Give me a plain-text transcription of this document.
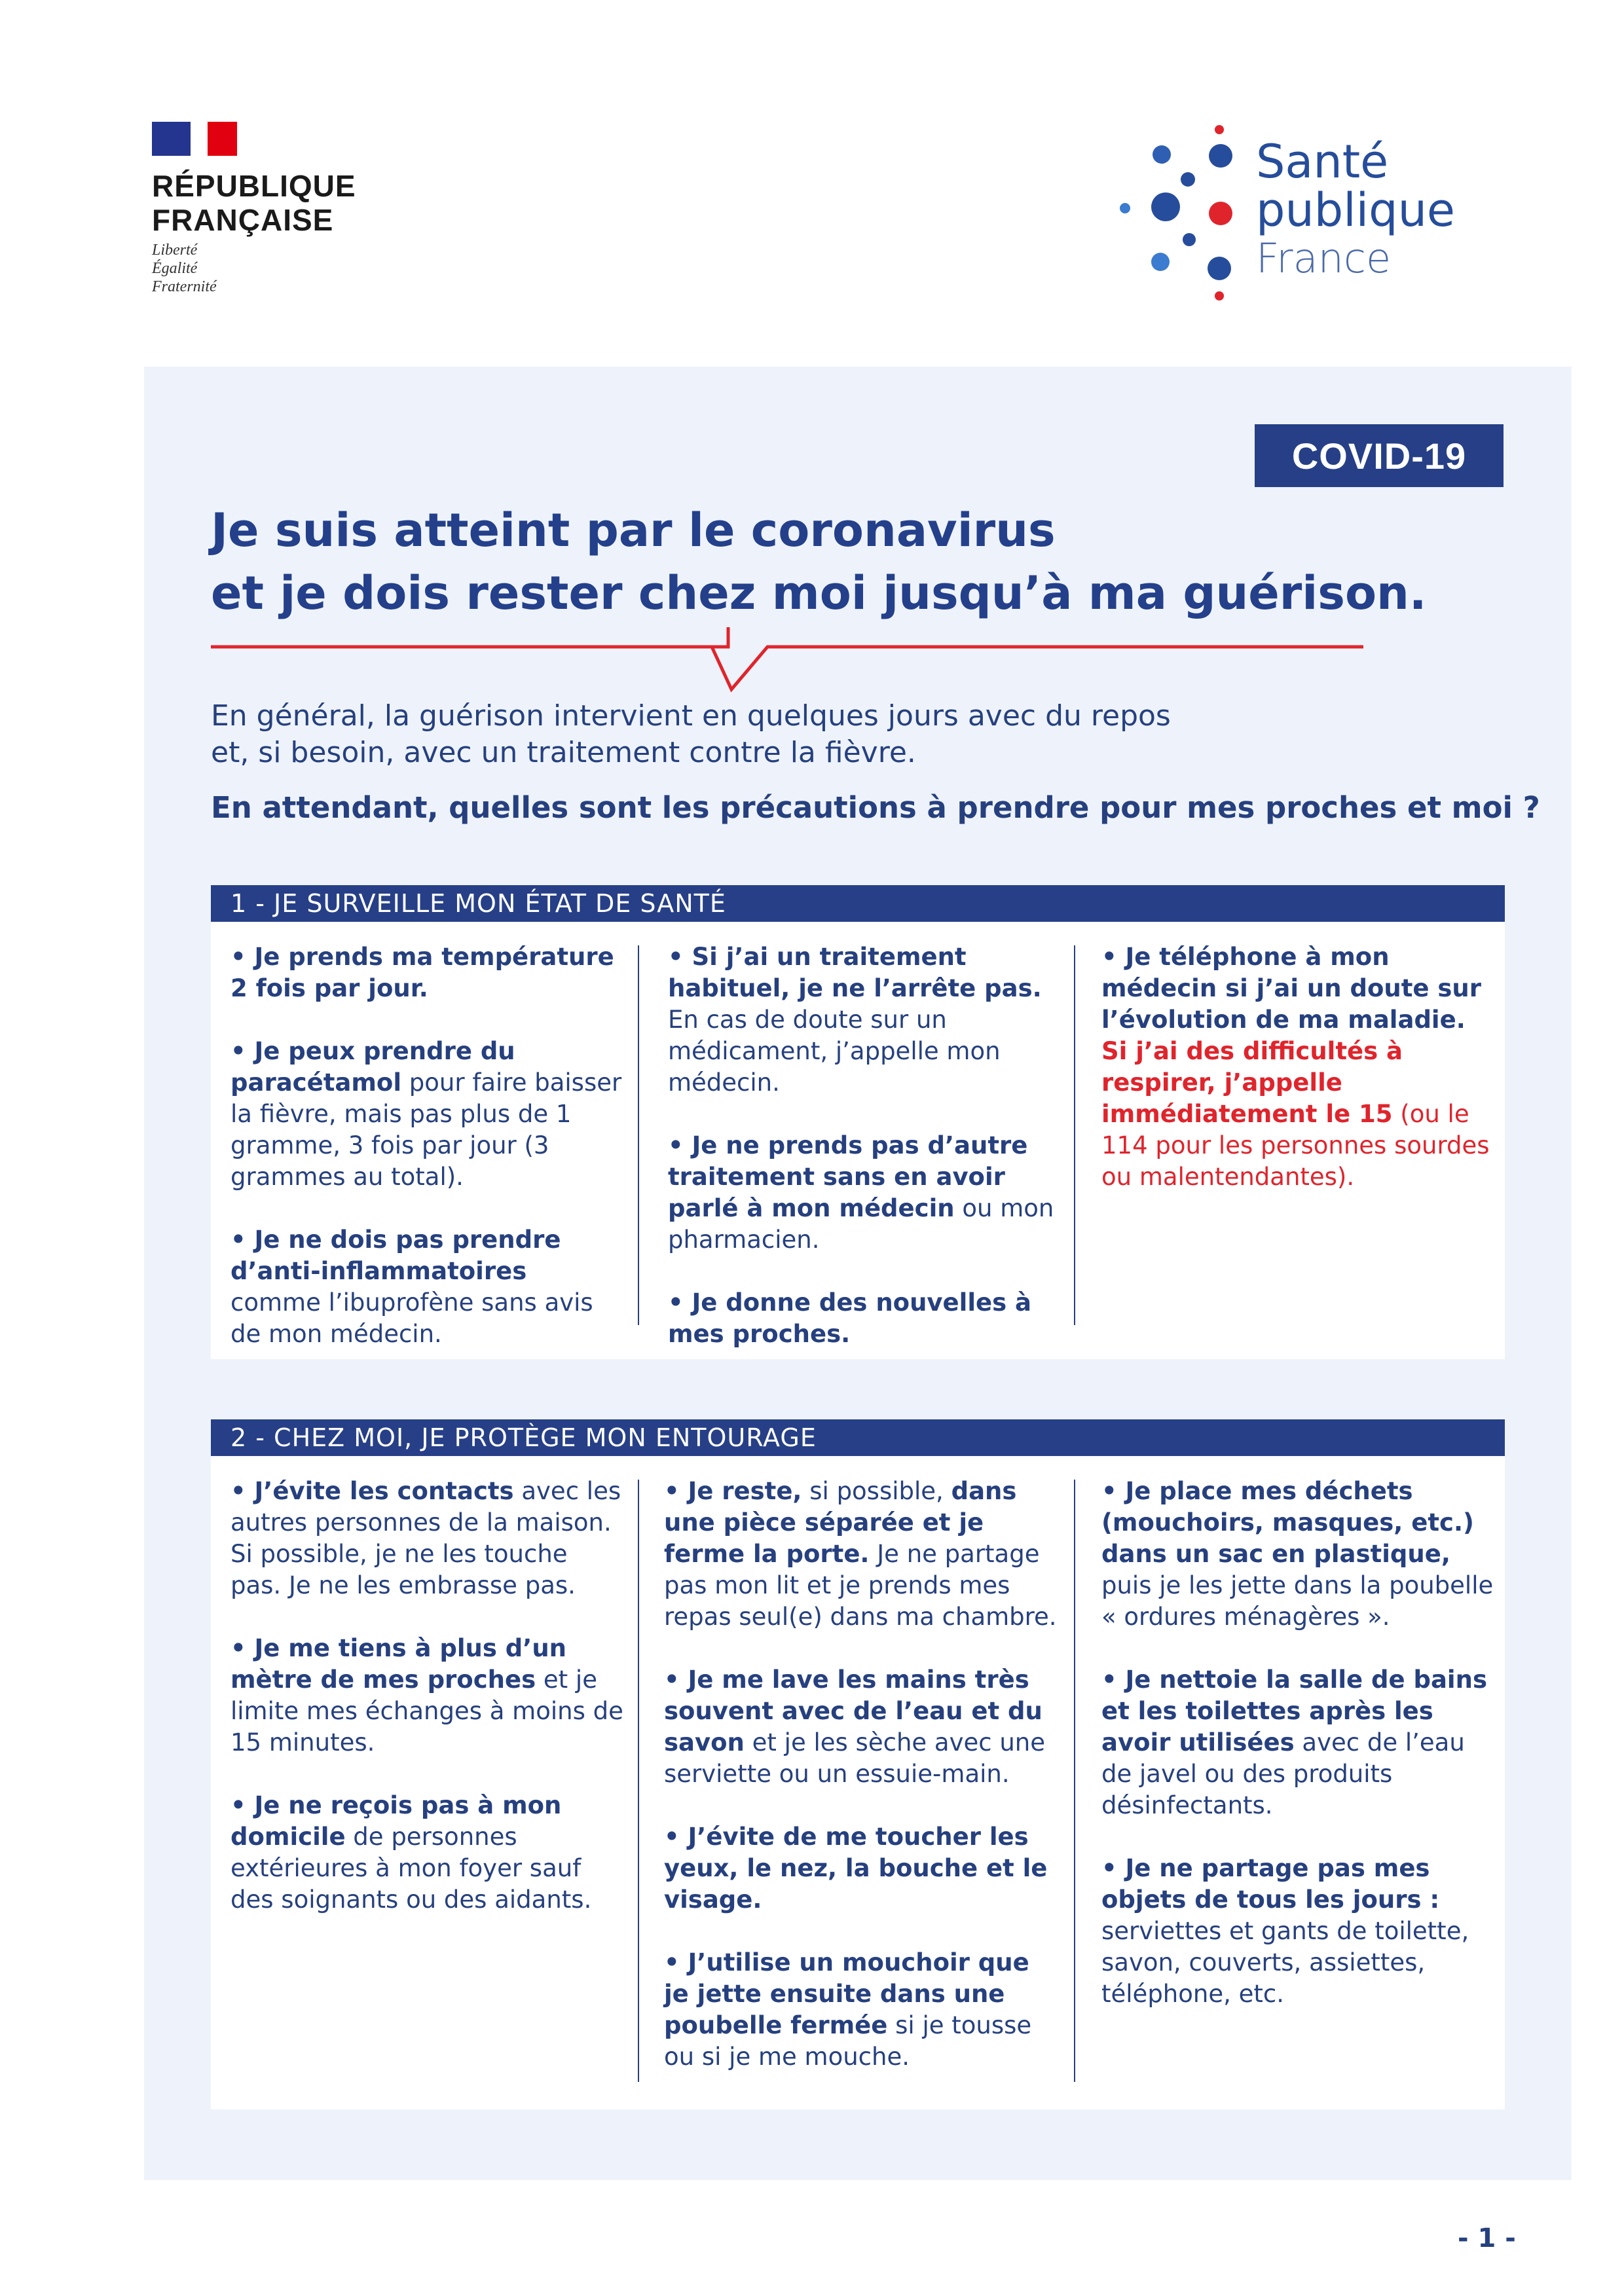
RÉPUBLIQUE
FRANÇAISE
Liberté
Égalité
Fraternité
Santé
publique
France
COVID-19
Je suis atteint par le coronavirus
et je dois rester chez moi jusqu’à ma guérison.

En général, la guérison intervient en quelques jours avec du repos

et, si besoin, avec un traitement contre la fièvre.

En attendant, quelles sont les précautions à prendre pour mes proches et moi ?
1 - JE SURVEILLE MON ÉTAT DE SANTÉ

• Je prends ma température 2 fois par jour.

• Je peux prendre du paracétamol pour faire baisser la fièvre, mais pas plus de 1 gramme, 3 fois par jour (3 grammes au total).

• Je ne dois pas prendre d’anti-inflammatoires comme l’ibuprofène sans avis de mon médecin.

• Si j’ai un traitement habituel, je ne l’arrête pas. En cas de doute sur un médicament, j’appelle mon médecin.

• Je ne prends pas d’autre traitement sans en avoir parlé à mon médecin ou mon pharmacien.

• Je donne des nouvelles à mes proches.

• Je téléphone à mon médecin si j’ai un doute sur l’évolution de ma maladie. Si j’ai des difficultés à respirer, j’appelle immédiatement le 15 (ou le 114 pour les personnes sourdes ou malentendantes).

2 - CHEZ MOI, JE PROTÈGE MON ENTOURAGE

• J’évite les contacts avec les autres personnes de la maison. Si possible, je ne les touche pas. Je ne les embrasse pas.

• Je me tiens à plus d’un mètre de mes proches et je limite mes échanges à moins de 15 minutes.

• Je ne reçois pas à mon domicile de personnes extérieures à mon foyer sauf des soignants ou des aidants.

• Je reste, si possible, dans une pièce séparée et je ferme la porte. Je ne partage pas mon lit et je prends mes repas seul(e) dans ma chambre.

• Je me lave les mains très souvent avec de l’eau et du savon et je les sèche avec une serviette ou un essuie-main.

• J’évite de me toucher les yeux, le nez, la bouche et le visage.

• J’utilise un mouchoir que je jette ensuite dans une poubelle fermée si je tousse ou si je me mouche.

• Je place mes déchets (mouchoirs, masques, etc.) dans un sac en plastique, puis je les jette dans la poubelle « ordures ménagères ».

• Je nettoie la salle de bains et les toilettes après les avoir utilisées avec de l’eau de javel ou des produits désinfectants.

• Je ne partage pas mes objets de tous les jours : serviettes et gants de toilette, savon, couverts, assiettes, téléphone, etc.

- 1 -
